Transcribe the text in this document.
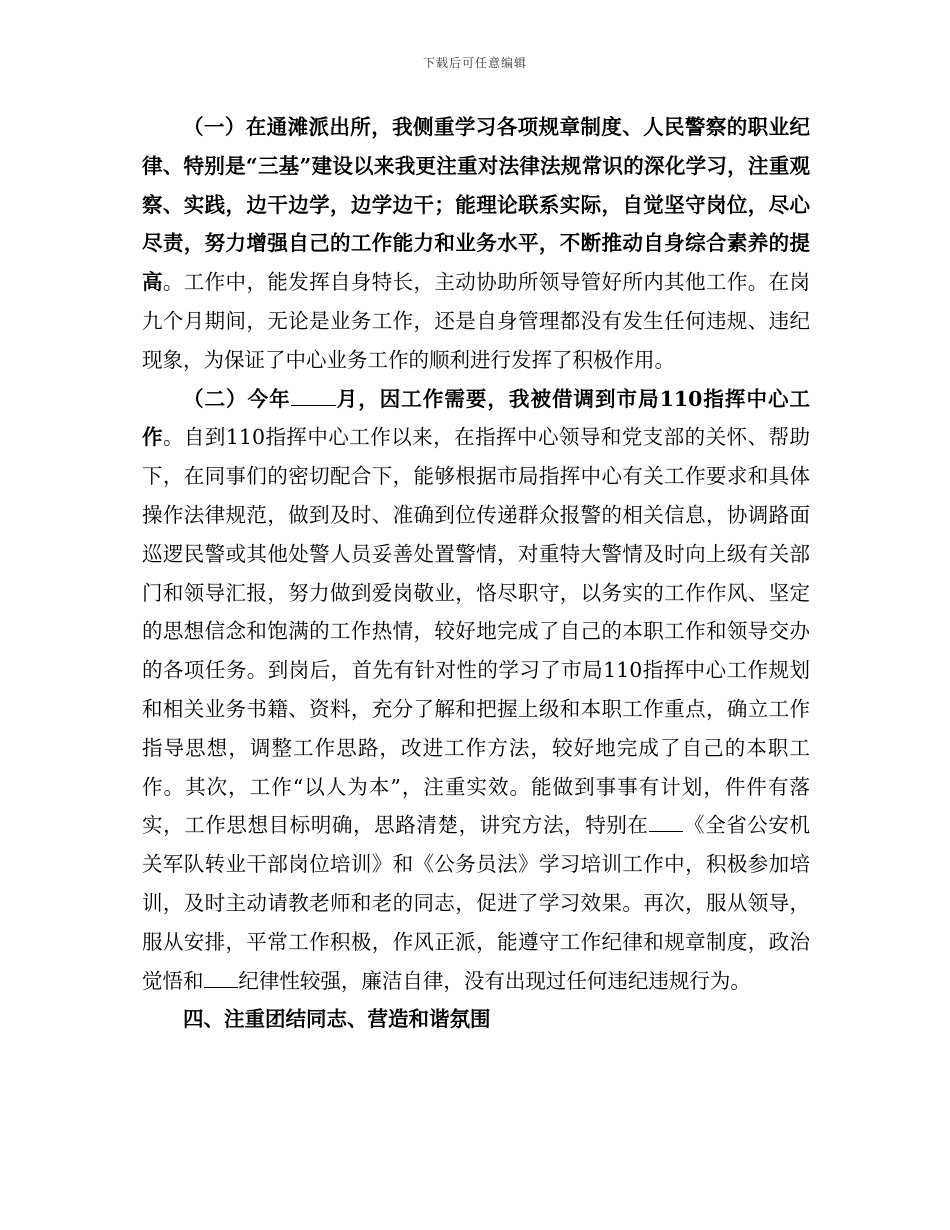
下载后可任意编辑

（一）在通滩派出所，我侧重学习各项规章制度、人民警察的职业纪律、特别是“三基”建设以来我更注重对法律法规常识的深化学习，注重观察、实践，边干边学，边学边干；能理论联系实际，自觉坚守岗位，尽心尽责，努力增强自己的工作能力和业务水平，不断推动自身综合素养的提高。工作中，能发挥自身特长，主动协助所领导管好所内其他工作。在岗九个月期间，无论是业务工作，还是自身管理都没有发生任何违规、违纪现象，为保证了中心业务工作的顺利进行发挥了积极作用。

（二）今年 月，因工作需要，我被借调到市局110指挥中心工作。自到110指挥中心工作以来，在指挥中心领导和党支部的关怀、帮助下，在同事们的密切配合下，能够根据市局指挥中心有关工作要求和具体操作法律规范，做到及时、准确到位传递群众报警的相关信息，协调路面巡逻民警或其他处警人员妥善处置警情，对重特大警情及时向上级有关部门和领导汇报，努力做到爱岗敬业，恪尽职守，以务实的工作作风、坚定的思想信念和饱满的工作热情，较好地完成了自己的本职工作和领导交办的各项任务。到岗后，首先有针对性的学习了市局110指挥中心工作规划和相关业务书籍、资料，充分了解和把握上级和本职工作重点，确立工作指导思想，调整工作思路，改进工作方法，较好地完成了自己的本职工作。其次，工作“以人为本”，注重实效。能做到事事有计划，件件有落实，工作思想目标明确，思路清楚，讲究方法，特别在 《全省公安机关军队转业干部岗位培训》和《公务员法》学习培训工作中，积极参加培训，及时主动请教老师和老的同志，促进了学习效果。再次，服从领导，服从安排，平常工作积极，作风正派，能遵守工作纪律和规章制度，政治觉悟和 纪律性较强，廉洁自律，没有出现过任何违纪违规行为。

四、注重团结同志、营造和谐氛围
